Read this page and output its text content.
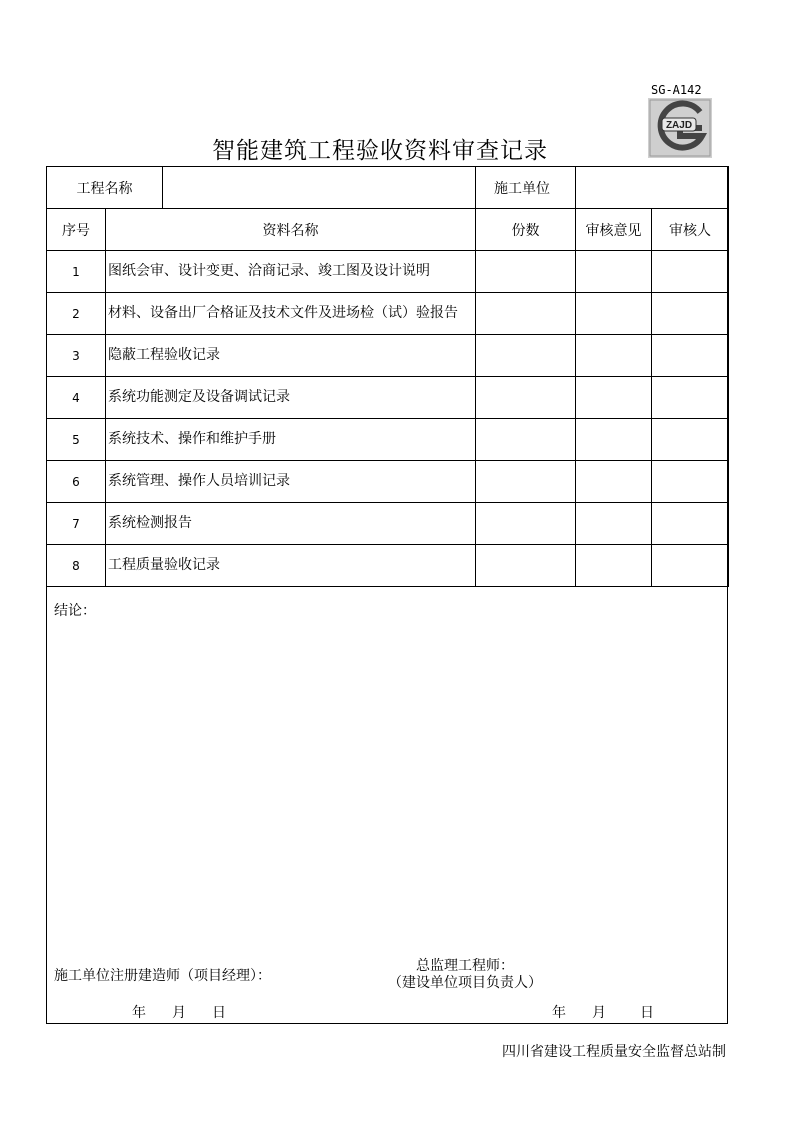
SG-A142
ZAJD
智能建筑工程验收资料审查记录
工程名称			施工单位		
序号	资料名称		份数	审核意见	审核人
1	图纸会审、设计变更、洽商记录、竣工图及设计说明				
2	材料、设备出厂合格证及技术文件及进场检（试）验报告				
3	隐蔽工程验收记录				
4	系统功能测定及设备调试记录				
5	系统技术、操作和维护手册				
6	系统管理、操作人员培训记录				
7	系统检测报告				
8	工程质量验收记录				
结论：
施工单位注册建造师（项目经理）：
总监理工程师：
（建设单位项目负责人）
年 月 日	年 月 日
四川省建设工程质量安全监督总站制
